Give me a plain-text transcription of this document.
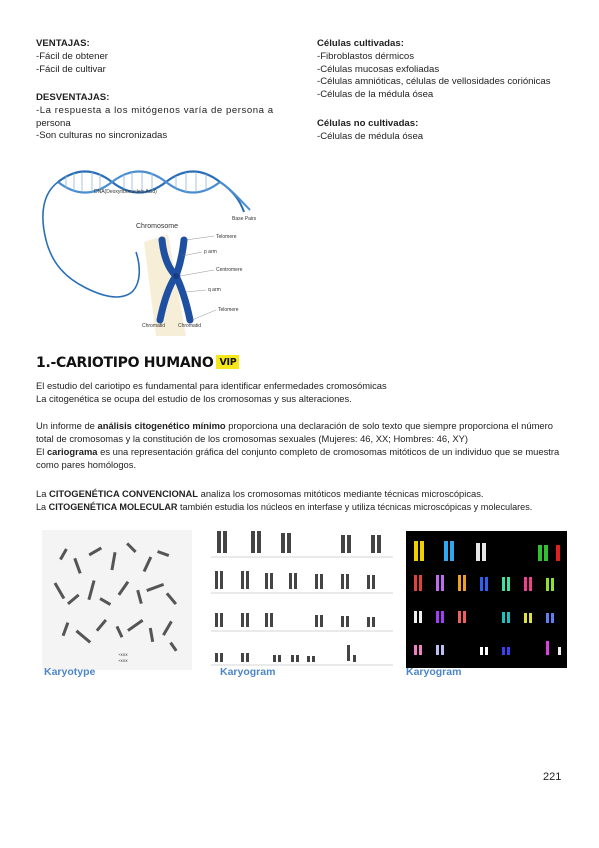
VENTAJAS:
-Fácil de obtener
-Fácil de cultivar
DESVENTAJAS:
-La respuesta a los mitógenos varía de persona a
persona
-Son culturas no sincronizadas
Células cultivadas:
-Fibroblastos dérmicos
-Células mucosas exfoliadas
-Células amnióticas, células de vellosidades coriónicas
-Células de la médula ósea
Células no cultivadas:
-Células de médula ósea
DNA(Deoxyribonucleic Acid)
Base Pairs
Chromosome
Telomere
p arm
Centromere
q arm
Telomere
Chromatid	Chromatid
1.-CARIOTIPO HUMANO VIP
El estudio del cariotipo es fundamental para identificar enfermedades cromosómicas
La citogenética se ocupa del estudio de los cromosomas y sus alteraciones.
Un informe de análisis citogenético mínimo proporciona una declaración de solo texto que siempre proporciona el número total de cromosomas y la constitución de los cromosomas sexuales (Mujeres: 46, XX; Hombres: 46, XY)
El cariograma es una representación gráfica del conjunto completo de cromosomas mitóticos de un individuo que se muestra como pares homólogos.
La CITOGENÉTICA CONVENCIONAL analiza los cromosomas mitóticos mediante técnicas microscópicas.
La CITOGENÉTICA MOLECULAR también estudia los núcleos en interfase y utiliza técnicas microscópicas y moleculares.
+XXX
+XXX
Karyotype	Karyogram	Karyogram
221
